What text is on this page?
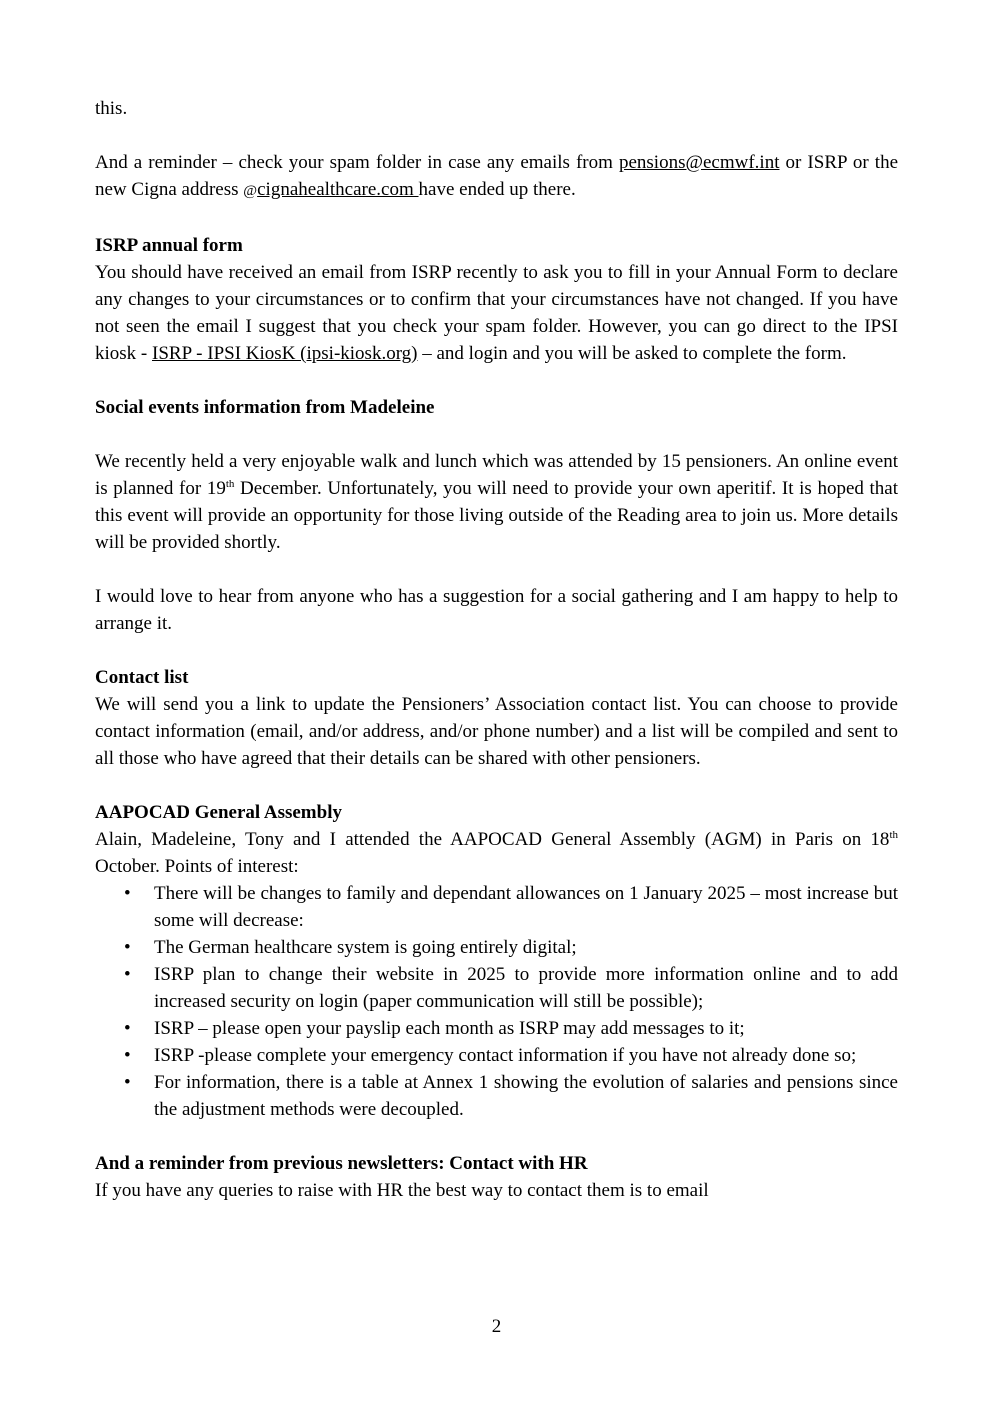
this.

And a reminder – check your spam folder in case any emails from pensions@ecmwf.int or ISRP or the new Cigna address @cignahealthcare.com have ended up there.

ISRP annual form

You should have received an email from ISRP recently to ask you to fill in your Annual Form to declare any changes to your circumstances or to confirm that your circumstances have not changed. If you have not seen the email I suggest that you check your spam folder. However, you can go direct to the IPSI kiosk - ISRP - IPSI KiosK (ipsi-kiosk.org) – and login and you will be asked to complete the form.

Social events information from Madeleine

We recently held a very enjoyable walk and lunch which was attended by 15 pensioners. An online event is planned for 19th December. Unfortunately, you will need to provide your own aperitif. It is hoped that this event will provide an opportunity for those living outside of the Reading area to join us. More details will be provided shortly.

I would love to hear from anyone who has a suggestion for a social gathering and I am happy to help to arrange it.

Contact list

We will send you a link to update the Pensioners’ Association contact list. You can choose to provide contact information (email, and/or address, and/or phone number) and a list will be compiled and sent to all those who have agreed that their details can be shared with other pensioners.

AAPOCAD General Assembly

Alain, Madeleine, Tony and I attended the AAPOCAD General Assembly (AGM) in Paris on 18th October. Points of interest:

• There will be changes to family and dependant allowances on 1 January 2025 – most increase but some will decrease:
• The German healthcare system is going entirely digital;
• ISRP plan to change their website in 2025 to provide more information online and to add increased security on login (paper communication will still be possible);
• ISRP – please open your payslip each month as ISRP may add messages to it;
• ISRP -please complete your emergency contact information if you have not already done so;
• For information, there is a table at Annex 1 showing the evolution of salaries and pensions since the adjustment methods were decoupled.
And a reminder from previous newsletters: Contact with HR

If you have any queries to raise with HR the best way to contact them is to email

2
